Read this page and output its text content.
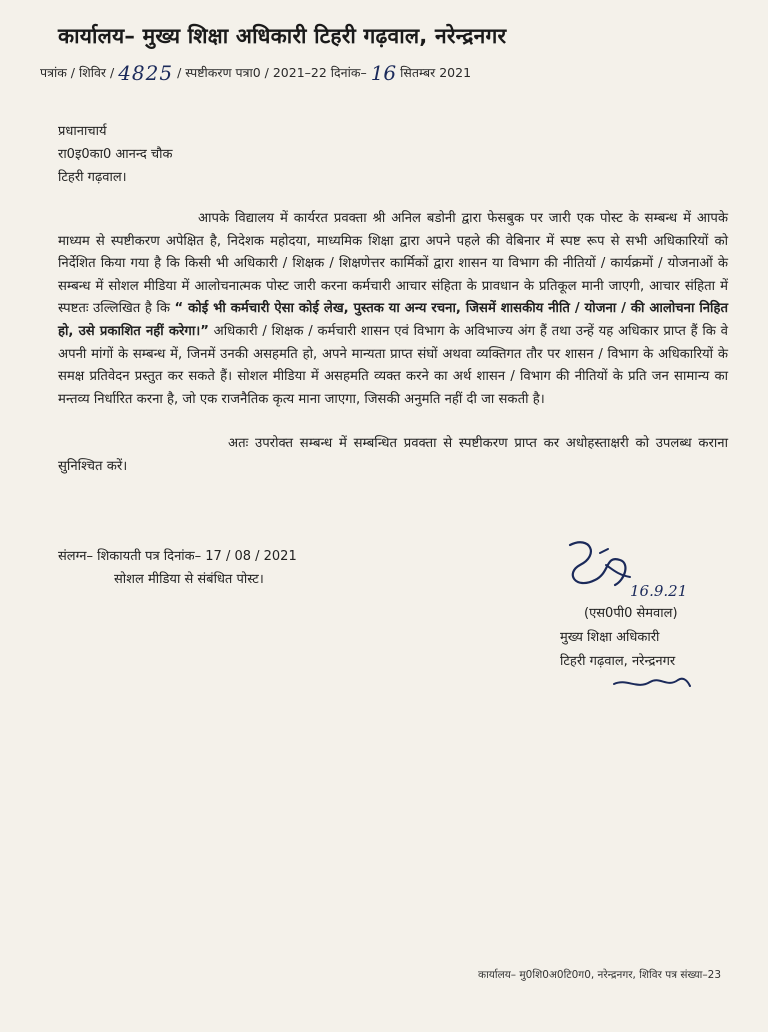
कार्यालय– मुख्य शिक्षा अधिकारी टिहरी गढ़वाल, नरेन्द्रनगर
पत्रांक / शिविर / 4825 / स्पष्टीकरण पत्रा0 / 2021–22 दिनांक– 16 सितम्बर 2021
प्रधानाचार्य
रा0इ0का0 आनन्द चौक
टिहरी गढ़वाल।

आपके विद्यालय में कार्यरत प्रवक्ता श्री अनिल बडोनी द्वारा फेसबुक पर जारी एक पोस्ट के सम्बन्ध में आपके माध्यम से स्पष्टीकरण अपेक्षित है, निदेशक महोदया, माध्यमिक शिक्षा द्वारा अपने पहले की वेबिनार में स्पष्ट रूप से सभी अधिकारियों को निर्देशित किया गया है कि किसी भी अधिकारी / शिक्षक / शिक्षणेत्तर कार्मिकों द्वारा शासन या विभाग की नीतियों / कार्यक्रमों / योजनाओं के सम्बन्ध में सोशल मीडिया में आलोचनात्मक पोस्ट जारी करना कर्मचारी आचार संहिता के प्रावधान के प्रतिकूल मानी जाएगी, आचार संहिता में स्पष्टतः उल्लिखित है कि “ कोई भी कर्मचारी ऐसा कोई लेख, पुस्तक या अन्य रचना, जिसमें शासकीय नीति / योजना / की आलोचना निहित हो, उसे प्रकाशित नहीं करेगा।” अधिकारी / शिक्षक / कर्मचारी शासन एवं विभाग के अविभाज्य अंग हैं तथा उन्हें यह अधिकार प्राप्त हैं कि वे अपनी मांगों के सम्बन्ध में, जिनमें उनकी असहमति हो, अपने मान्यता प्राप्त संघों अथवा व्यक्तिगत तौर पर शासन / विभाग के अधिकारियों के समक्ष प्रतिवेदन प्रस्तुत कर सकते हैं। सोशल मीडिया में असहमति व्यक्त करने का अर्थ शासन / विभाग की नीतियों के प्रति जन सामान्य का मन्तव्य निर्धारित करना है, जो एक राजनैतिक कृत्य माना जाएगा, जिसकी अनुमति नहीं दी जा सकती है।

अतः उपरोक्त सम्बन्ध में सम्बन्धित प्रवक्ता से स्पष्टीकरण प्राप्त कर अधोहस्ताक्षरी को उपलब्ध कराना सुनिश्चित करें।

संलग्न– शिकायती पत्र दिनांक– 17 / 08 / 2021
सोशल मीडिया से संबंधित पोस्ट।
16.9.21
(एस0पी0 सेमवाल)
मुख्य शिक्षा अधिकारी
टिहरी गढ़वाल, नरेन्द्रनगर
कार्यालय– मु0शि0अ0टि0ग0, नरेन्द्रनगर, शिविर पत्र संख्या–23
